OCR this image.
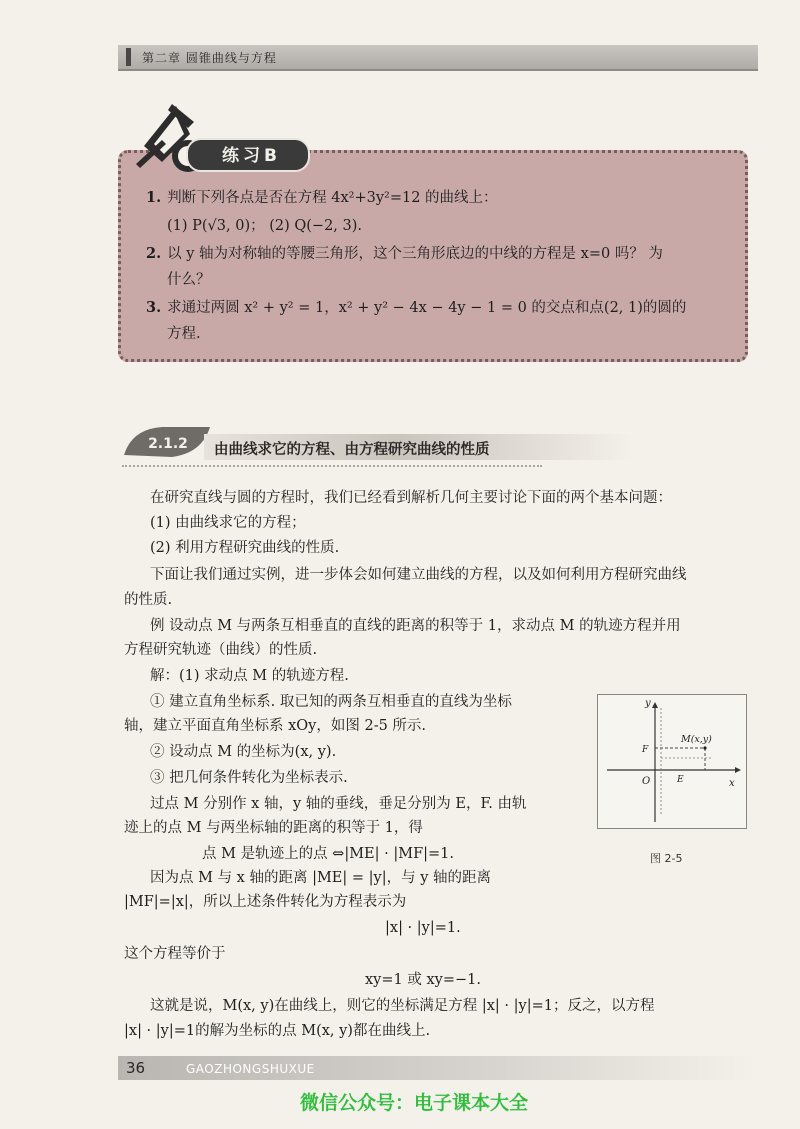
第二章 圆锥曲线与方程
练习B
1. 判断下列各点是否在方程 4x²+3y²=12 的曲线上：
(1) P(√3, 0)； (2) Q(−2, 3).
2. 以 y 轴为对称轴的等腰三角形，这个三角形底边的中线的方程是 x=0 吗？ 为
什么？
3. 求通过两圆 x² + y² = 1，x² + y² − 4x − 4y − 1 = 0 的交点和点(2, 1)的圆的
方程.
2.1.2 由曲线求它的方程、由方程研究曲线的性质
在研究直线与圆的方程时，我们已经看到解析几何主要讨论下面的两个基本问题：
(1) 由曲线求它的方程；
(2) 利用方程研究曲线的性质.
下面让我们通过实例，进一步体会如何建立曲线的方程，以及如何利用方程研究曲线
的性质.
例 设动点 M 与两条互相垂直的直线的距离的积等于 1，求动点 M 的轨迹方程并用
方程研究轨迹（曲线）的性质.
解：(1) 求动点 M 的轨迹方程.
① 建立直角坐标系. 取已知的两条互相垂直的直线为坐标
轴，建立平面直角坐标系 xOy，如图 2-5 所示.
② 设动点 M 的坐标为(x, y).
③ 把几何条件转化为坐标表示.
过点 M 分别作 x 轴，y 轴的垂线，垂足分别为 E，F. 由轨
迹上的点 M 与两坐标轴的距离的积等于 1，得
点 M 是轨迹上的点 ⇔|ME| · |MF|=1.
因为点 M 与 x 轴的距离 |ME| = |y|，与 y 轴的距离
|MF|=|x|，所以上述条件转化为方程表示为
|x| · |y|=1.
这个方程等价于
xy=1 或 xy=−1.
这就是说，M(x, y)在曲线上，则它的坐标满足方程 |x| · |y|=1；反之，以方程
|x| · |y|=1的解为坐标的点 M(x, y)都在曲线上.
y
x
O
F
E
M(x,y)
图 2-5
36	GAOZHONGSHUXUE
微信公众号：电子课本大全
